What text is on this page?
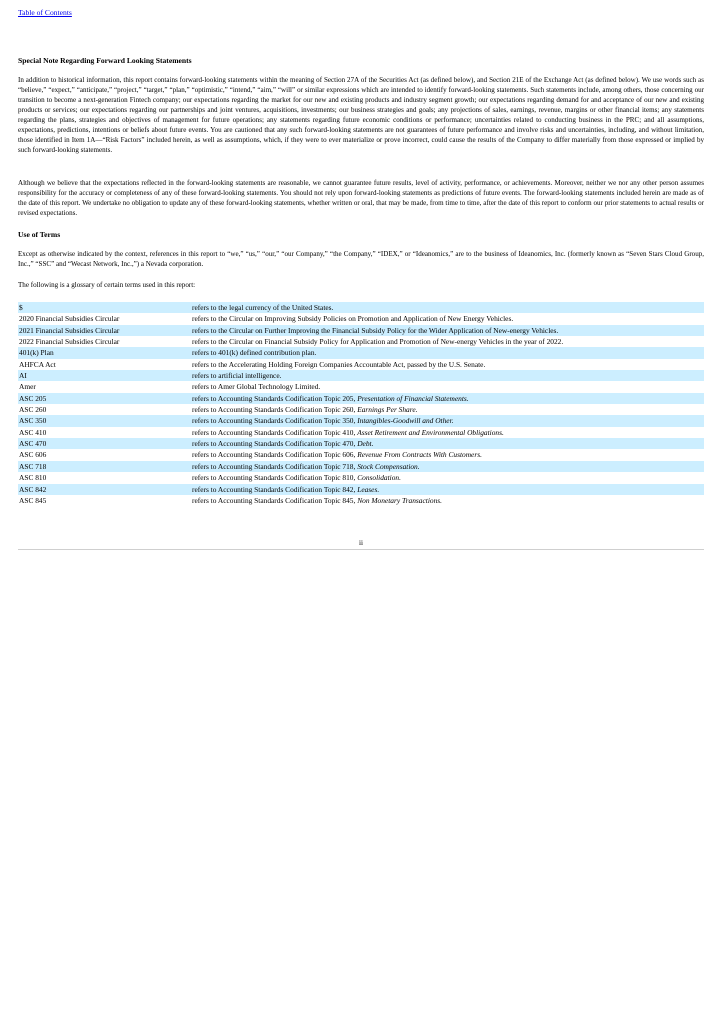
Table of Contents
Special Note Regarding Forward Looking Statements

In addition to historical information, this report contains forward-looking statements within the meaning of Section 27A of the Securities Act (as defined below), and Section 21E of the Exchange Act (as defined below). We use words such as “believe,” “expect,” “anticipate,” “project,” “target,” “plan,” “optimistic,” “intend,” “aim,” “will” or similar expressions which are intended to identify forward-looking statements. Such statements include, among others, those concerning our transition to become a next-generation Fintech company; our expectations regarding the market for our new and existing products and industry segment growth; our expectations regarding demand for and acceptance of our new and existing products or services; our expectations regarding our partnerships and joint ventures, acquisitions, investments; our business strategies and goals; any projections of sales, earnings, revenue, margins or other financial items; any statements regarding the plans, strategies and objectives of management for future operations; any statements regarding future economic conditions or performance; uncertainties related to conducting business in the PRC; and all assumptions, expectations, predictions, intentions or beliefs about future events. You are cautioned that any such forward-looking statements are not guarantees of future performance and involve risks and uncertainties, including, and without limitation, those identified in Item 1A—“Risk Factors” included herein, as well as assumptions, which, if they were to ever materialize or prove incorrect, could cause the results of the Company to differ materially from those expressed or implied by such forward-looking statements.

Although we believe that the expectations reflected in the forward-looking statements are reasonable, we cannot guarantee future results, level of activity, performance, or achievements. Moreover, neither we nor any other person assumes responsibility for the accuracy or completeness of any of these forward-looking statements. You should not rely upon forward-looking statements as predictions of future events. The forward-looking statements included herein are made as of the date of this report. We undertake no obligation to update any of these forward-looking statements, whether written or oral, that may be made, from time to time, after the date of this report to conform our prior statements to actual results or revised expectations.

Use of Terms

Except as otherwise indicated by the context, references in this report to “we,” “us,” “our,” “our Company,” “the Company,” “IDEX,” or “Ideanomics,” are to the business of Ideanomics, Inc. (formerly known as “Seven Stars Cloud Group, Inc.,” “SSC” and “Wecast Network, Inc.,”) a Nevada corporation.

The following is a glossary of certain terms used in this report:

$	refers to the legal currency of the United States.
2020 Financial Subsidies Circular	refers to the Circular on Improving Subsidy Policies on Promotion and Application of New Energy Vehicles.
2021 Financial Subsidies Circular	refers to the Circular on Further Improving the Financial Subsidy Policy for the Wider Application of New-energy Vehicles.
2022 Financial Subsidies Circular	refers to the Circular on Financial Subsidy Policy for Application and Promotion of New-energy Vehicles in the year of 2022.
401(k) Plan	refers to 401(k) defined contribution plan.
AHFCA Act	refers to the Accelerating Holding Foreign Companies Accountable Act, passed by the U.S. Senate.
AI	refers to artificial intelligence.
Amer	refers to Amer Global Technology Limited.
ASC 205	refers to Accounting Standards Codification Topic 205, Presentation of Financial Statements.
ASC 260	refers to Accounting Standards Codification Topic 260, Earnings Per Share.
ASC 350	refers to Accounting Standards Codification Topic 350, Intangibles-Goodwill and Other.
ASC 410	refers to Accounting Standards Codification Topic 410, Asset Retirement and Environmental Obligations.
ASC 470	refers to Accounting Standards Codification Topic 470, Debt.
ASC 606	refers to Accounting Standards Codification Topic 606, Revenue From Contracts With Customers.
ASC 718	refers to Accounting Standards Codification Topic 718, Stock Compensation.
ASC 810	refers to Accounting Standards Codification Topic 810, Consolidation.
ASC 842	refers to Accounting Standards Codification Topic 842, Leases.
ASC 845	refers to Accounting Standards Codification Topic 845, Non Monetary Transactions.
ii
